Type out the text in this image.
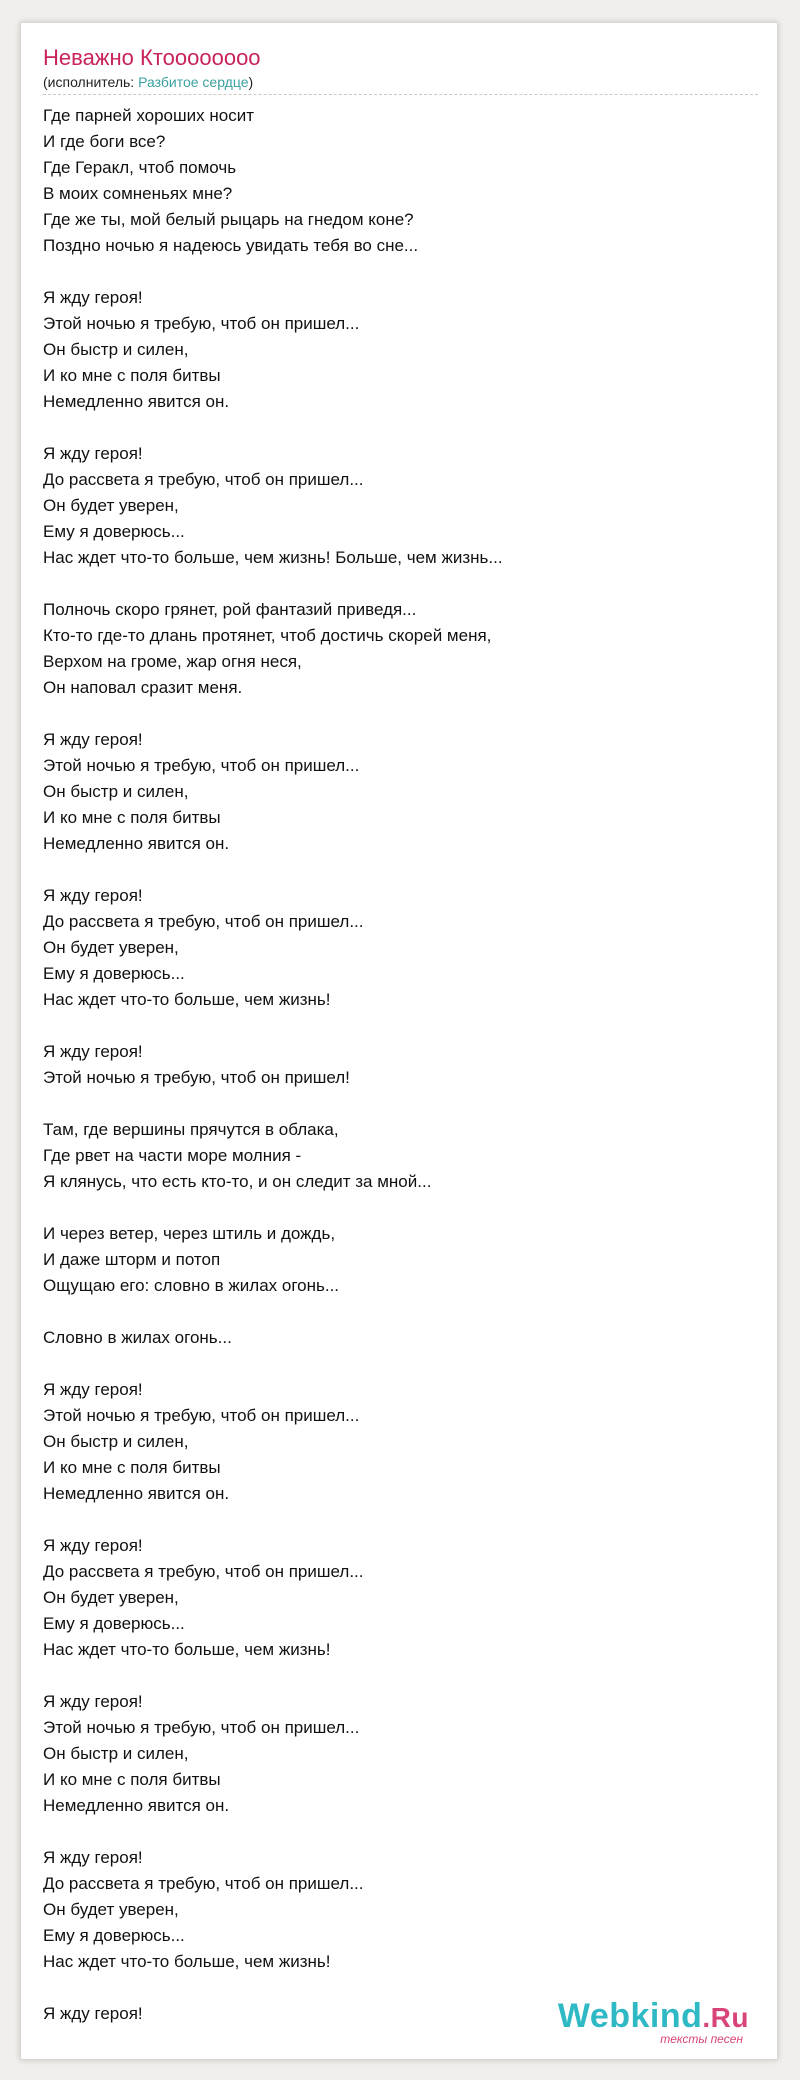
Неважно Ктоооооооо
(исполнитель: Разбитое сердце)
Где парней хороших носит
И где боги все?
Где Геракл, чтоб помочь
В моих сомненьях мне?
Где же ты, мой белый рыцарь на гнедом коне?
Поздно ночью я надеюсь увидать тебя во сне...
Я жду героя!
Этой ночью я требую, чтоб он пришел...
Он быстр и силен,
И ко мне с поля битвы
Немедленно явится он.
Я жду героя!
До рассвета я требую, чтоб он пришел...
Он будет уверен,
Ему я доверюсь...
Нас ждет что-то больше, чем жизнь! Больше, чем жизнь...
Полночь скоро грянет, рой фантазий приведя...
Кто-то где-то длань протянет, чтоб достичь скорей меня,
Верхом на громе, жар огня неся,
Он наповал сразит меня.
Я жду героя!
Этой ночью я требую, чтоб он пришел...
Он быстр и силен,
И ко мне с поля битвы
Немедленно явится он.
Я жду героя!
До рассвета я требую, чтоб он пришел...
Он будет уверен,
Ему я доверюсь...
Нас ждет что-то больше, чем жизнь!
Я жду героя!
Этой ночью я требую, чтоб он пришел!
Там, где вершины прячутся в облака,
Где рвет на части море молния -
Я клянусь, что есть кто-то, и он следит за мной...
И через ветер, через штиль и дождь,
И даже шторм и потоп
Ощущаю его: словно в жилах огонь...
Словно в жилах огонь...
Я жду героя!
Этой ночью я требую, чтоб он пришел...
Он быстр и силен,
И ко мне с поля битвы
Немедленно явится он.
Я жду героя!
До рассвета я требую, чтоб он пришел...
Он будет уверен,
Ему я доверюсь...
Нас ждет что-то больше, чем жизнь!
Я жду героя!
Этой ночью я требую, чтоб он пришел...
Он быстр и силен,
И ко мне с поля битвы
Немедленно явится он.
Я жду героя!
До рассвета я требую, чтоб он пришел...
Он будет уверен,
Ему я доверюсь...
Нас ждет что-то больше, чем жизнь!
Я жду героя!	Webkind.Ru
тексты песен
